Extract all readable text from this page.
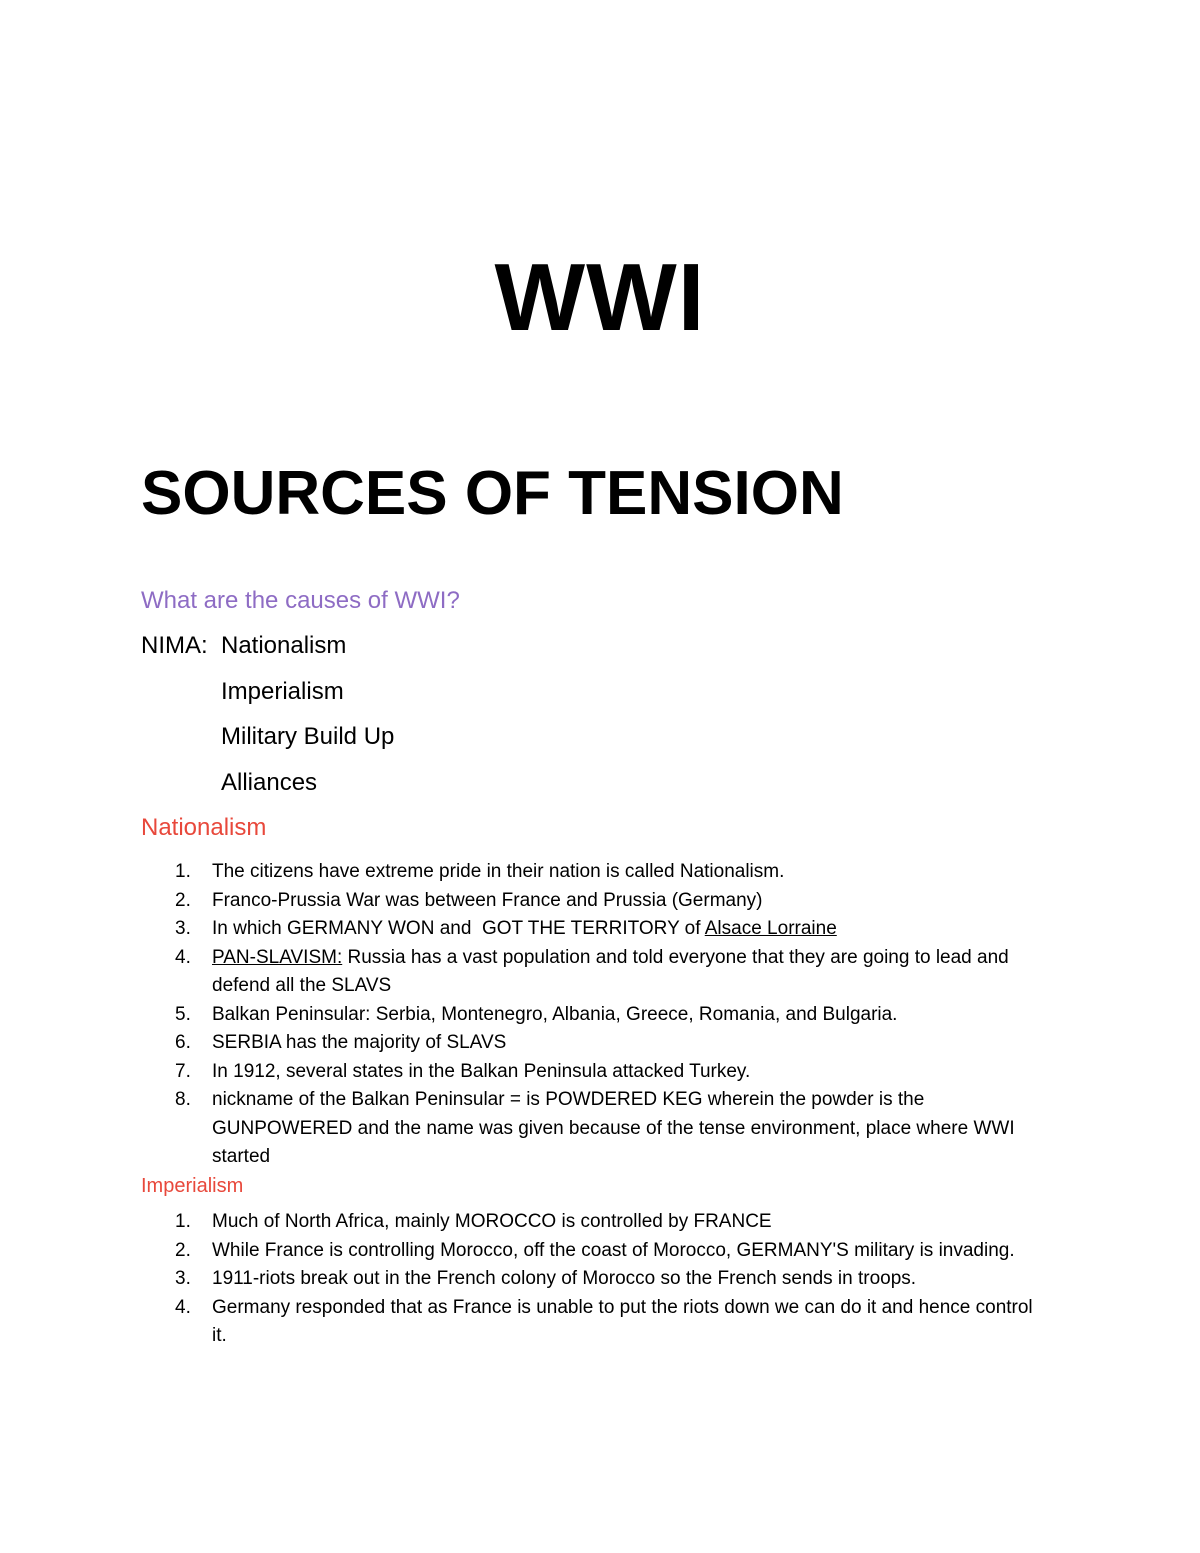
WWI
SOURCES OF TENSION
What are the causes of WWI?
NIMA: Nationalism
Imperialism
Military Build Up
Alliances
Nationalism
1. The citizens have extreme pride in their nation is called Nationalism.
2. Franco-Prussia War was between France and Prussia (Germany)
3. In which GERMANY WON and  GOT THE TERRITORY of Alsace Lorraine
4. PAN-SLAVISM: Russia has a vast population and told everyone that they are going to lead and defend all the SLAVS
5. Balkan Peninsular: Serbia, Montenegro, Albania, Greece, Romania, and Bulgaria.
6. SERBIA has the majority of SLAVS
7. In 1912, several states in the Balkan Peninsula attacked Turkey.
8. nickname of the Balkan Peninsular = is POWDERED KEG wherein the powder is the GUNPOWERED and the name was given because of the tense environment, place where WWI started
Imperialism
1. Much of North Africa, mainly MOROCCO is controlled by FRANCE
2. While France is controlling Morocco, off the coast of Morocco, GERMANY'S military is invading.
3. 1911-riots break out in the French colony of Morocco so the French sends in troops.
4. Germany responded that as France is unable to put the riots down we can do it and hence control it.
